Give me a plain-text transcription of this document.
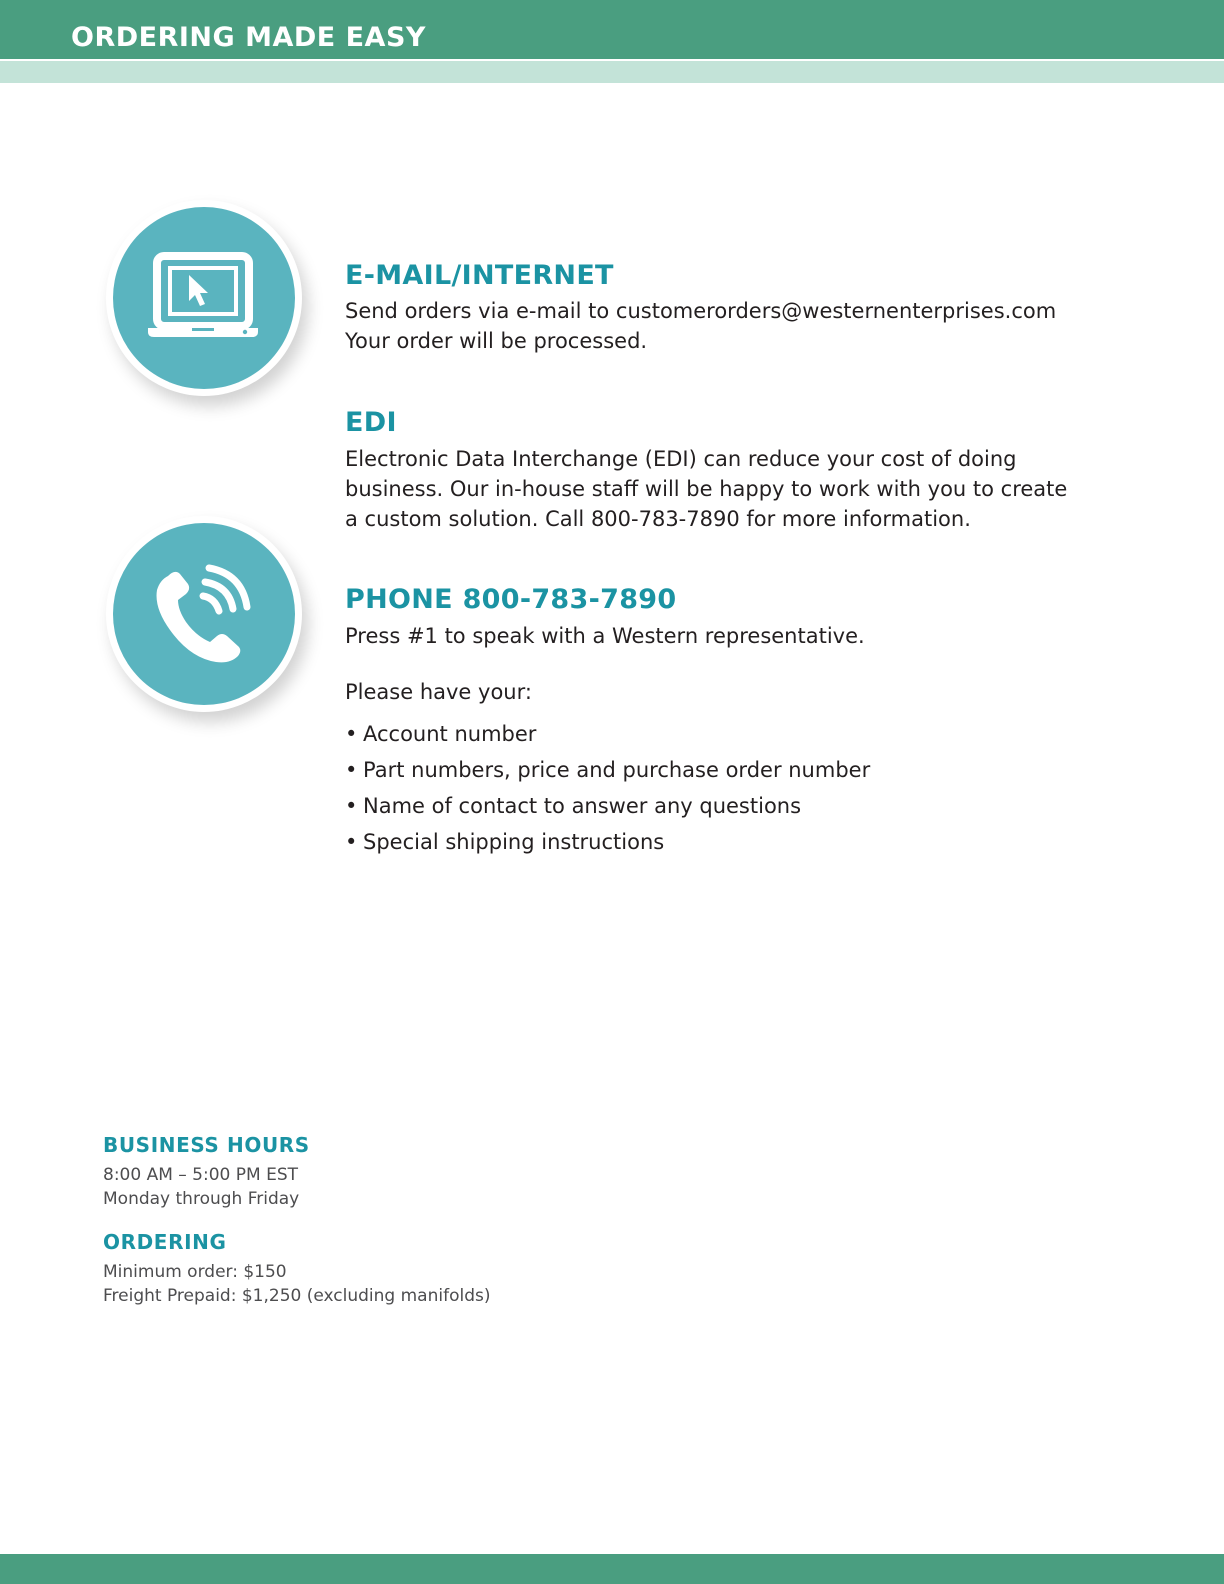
ORDERING MADE EASY
E-MAIL/INTERNET
Send orders via e-mail to customerorders@westernenterprises.com
Your order will be processed.
EDI
Electronic Data Interchange (EDI) can reduce your cost of doing
business. Our in-house staff will be happy to work with you to create
a custom solution. Call 800-783-7890 for more information.
PHONE 800-783-7890
Press #1 to speak with a Western representative.
Please have your:
• Account number
• Part numbers, price and purchase order number
• Name of contact to answer any questions
• Special shipping instructions
BUSINESS HOURS
8:00 AM – 5:00 PM EST
Monday through Friday
ORDERING
Minimum order: $150
Freight Prepaid: $1,250 (excluding manifolds)
